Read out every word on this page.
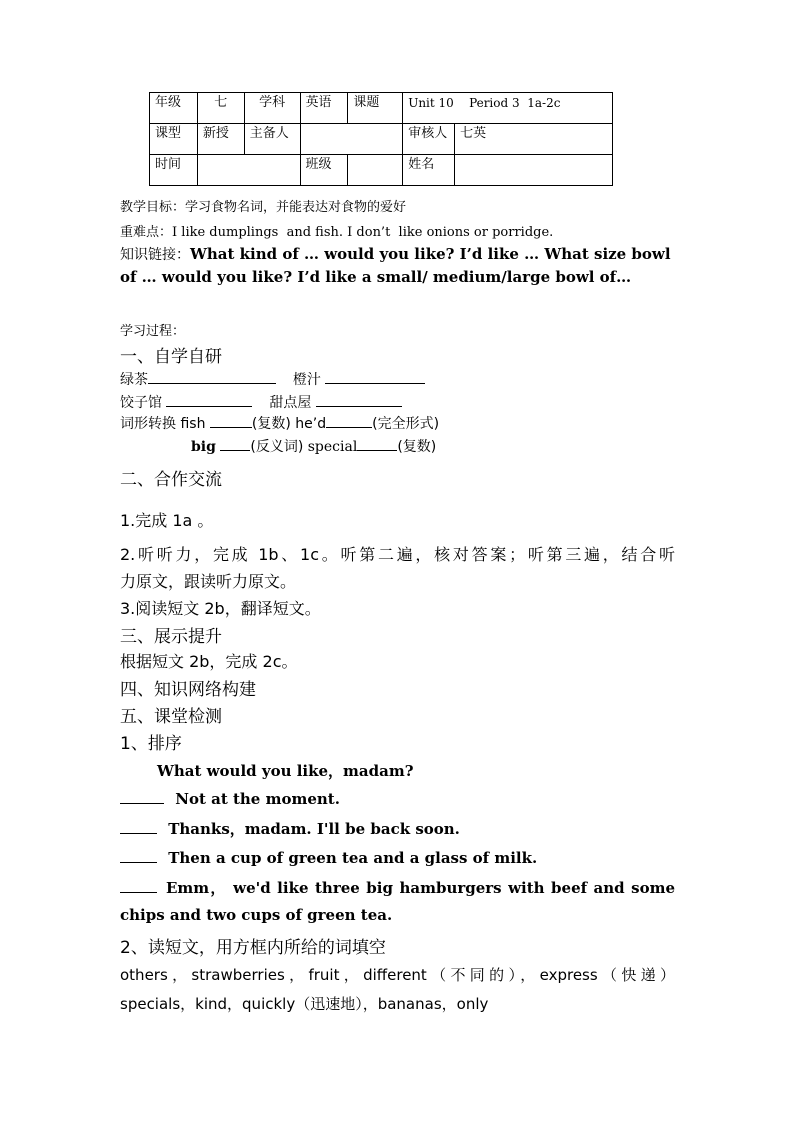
年级	七	学科	英语	课题	Unit 10    Period 3  1a-2c	
课型	新授	主备人			审核人	七英
时间			班级		姓名	
教学目标：学习食物名词，并能表达对食物的爱好
重难点：I like dumplings  and fish. I don’t  like onions or porridge.
知识链接：What kind of … would you like? I’d like … What size bowl
of … would you like? I’d like a small/ medium/large bowl of…
学习过程：
一、自学自研
绿茶	橙汁
饺子馆	甜点屋
词形转换 fish	(复数) he’d	(完全形式)
big (反义词) special	(复数)
二、合作交流
1.完成 1a 。
2.听听力，完成 1b、1c。听第二遍，核对答案；听第三遍，结合听
力原文，跟读听力原文。
3.阅读短文 2b，翻译短文。
三、展示提升
根据短文 2b，完成 2c。
四、知识网络构建
五、课堂检测
1、排序
What would you like，madam?
Not at the moment.
Thanks，madam. I'll be back soon.
Then a cup of green tea and a glass of milk.
Emm， we'd like three big hamburgers with beef and some
chips and two cups of green tea.
2、读短文，用方框内所给的词填空
others，strawberries，fruit，different（不同的），express（快递）
specials，kind，quickly（迅速地），bananas，only
